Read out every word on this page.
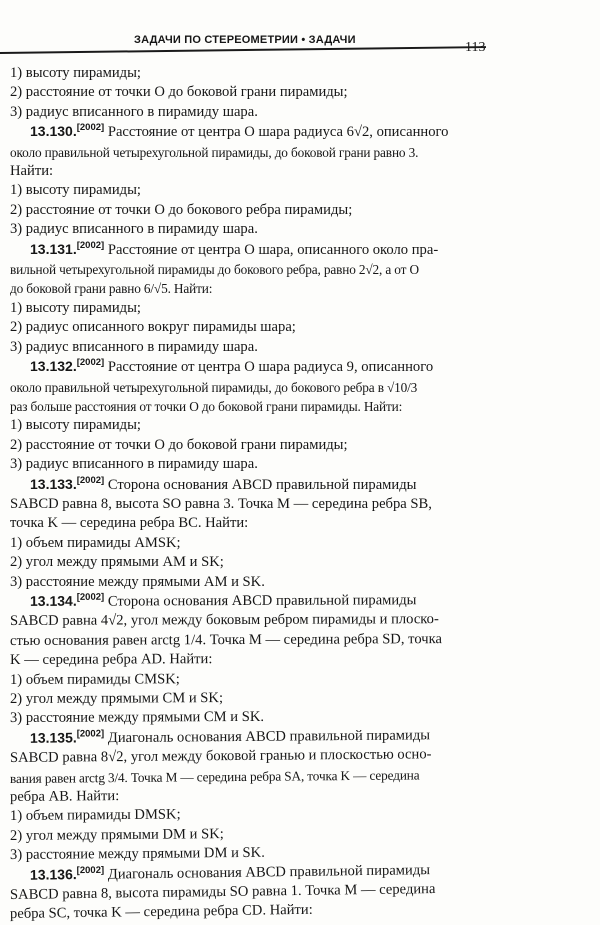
ЗАДАЧИ ПО СТЕРЕОМЕТРИИ • ЗАДАЧИ	113
1) высоту пирамиды;
2) расстояние от точки O до боковой грани пирамиды;
3) радиус вписанного в пирамиду шара.
13.130.[2002] Расстояние от центра O шара радиуса 6√2, описанного
около правильной четырехугольной пирамиды, до боковой грани равно 3.
Найти:
1) высоту пирамиды;
2) расстояние от точки O до бокового ребра пирамиды;
3) радиус вписанного в пирамиду шара.
13.131.[2002] Расстояние от центра O шара, описанного около пра-
вильной четырехугольной пирамиды до бокового ребра, равно 2√2, а от O
до боковой грани равно 6/√5. Найти:
1) высоту пирамиды;
2) радиус описанного вокруг пирамиды шара;
3) радиус вписанного в пирамиду шара.
13.132.[2002] Расстояние от центра O шара радиуса 9, описанного
около правильной четырехугольной пирамиды, до бокового ребра в √10/3
раз больше расстояния от точки O до боковой грани пирамиды. Найти:
1) высоту пирамиды;
2) расстояние от точки O до боковой грани пирамиды;
3) радиус вписанного в пирамиду шара.
13.133.[2002] Сторона основания ABCD правильной пирамиды
SABCD равна 8, высота SO равна 3. Точка M — середина ребра SB,
точка K — середина ребра BC. Найти:
1) объем пирамиды AMSK;
2) угол между прямыми AM и SK;
3) расстояние между прямыми AM и SK.
13.134.[2002] Сторона основания ABCD правильной пирамиды
SABCD равна 4√2, угол между боковым ребром пирамиды и плоско-
стью основания равен arctg 1/4. Точка M — середина ребра SD, точка
K — середина ребра AD. Найти:
1) объем пирамиды CMSK;
2) угол между прямыми CM и SK;
3) расстояние между прямыми CM и SK.
13.135.[2002] Диагональ основания ABCD правильной пирамиды
SABCD равна 8√2, угол между боковой гранью и плоскостью осно-
вания равен arctg 3/4. Точка M — середина ребра SA, точка K — середина
ребра AB. Найти:
1) объем пирамиды DMSK;
2) угол между прямыми DM и SK;
3) расстояние между прямыми DM и SK.
13.136.[2002] Диагональ основания ABCD правильной пирамиды
SABCD равна 8, высота пирамиды SO равна 1. Точка M — середина
ребра SC, точка K — середина ребра CD. Найти:
